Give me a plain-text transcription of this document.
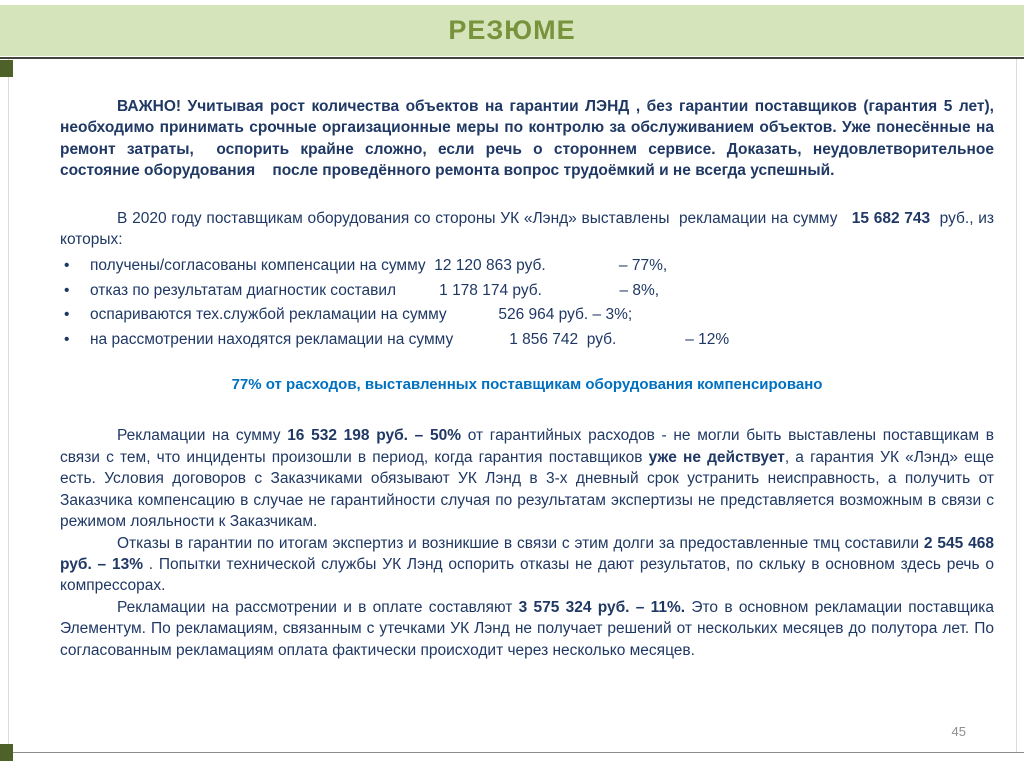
РЕЗЮМЕ

ВАЖНО! Учитывая рост количества объектов на гарантии ЛЭНД , без гарантии поставщиков (гарантия 5 лет), необходимо принимать срочные оргаизационные меры по контролю за обслуживанием объектов. Уже понесённые на ремонт затраты,  оспорить крайне сложно, если речь о стороннем сервисе. Доказать, неудовлетворительное состояние оборудования    после проведённого ремонта вопрос трудоёмкий и не всегда успешный.

В 2020 году поставщикам оборудования со стороны УК «Лэнд» выставлены  рекламации на сумму   15 682 743  руб., из которых:

• получены/согласованы компенсации на сумму  12 120 863 руб.                 – 77%,
• отказ по результатам диагностик составил          1 178 174 руб.                  – 8%,
• оспариваются тех.службой рекламации на сумму            526 964 руб. – 3%;
• на рассмотрении находятся рекламации на сумму             1 856 742  руб.                – 12%

77% от расходов, выставленных поставщикам оборудования компенсировано

Рекламации на сумму 16 532 198 руб. – 50% от гарантийных расходов - не могли быть выставлены поставщикам в связи с тем, что инциденты произошли в период, когда гарантия поставщиков уже не действует, а гарантия УК «Лэнд» еще есть. Условия договоров с Заказчиками обязывают УК Лэнд в 3-х дневный срок устранить неисправность, а получить от Заказчика компенсацию в случае не гарантийности случая по результатам экспертизы не представляется возможным в связи с режимом лояльности к Заказчикам.

Отказы в гарантии по итогам экспертиз и возникшие в связи с этим долги за предоставленные тмц составили 2 545 468 руб. – 13% . Попытки технической службы УК Лэнд оспорить отказы не дают результатов, по скльку в основном здесь речь о компрессорах.

Рекламации на рассмотрении и в оплате составляют 3 575 324 руб. – 11%. Это в основном рекламации поставщика Элементум. По рекламациям, связанным с утечками УК Лэнд не получает решений от нескольких месяцев до полутора лет. По согласованным рекламациям оплата фактически происходит через несколько месяцев.

45
